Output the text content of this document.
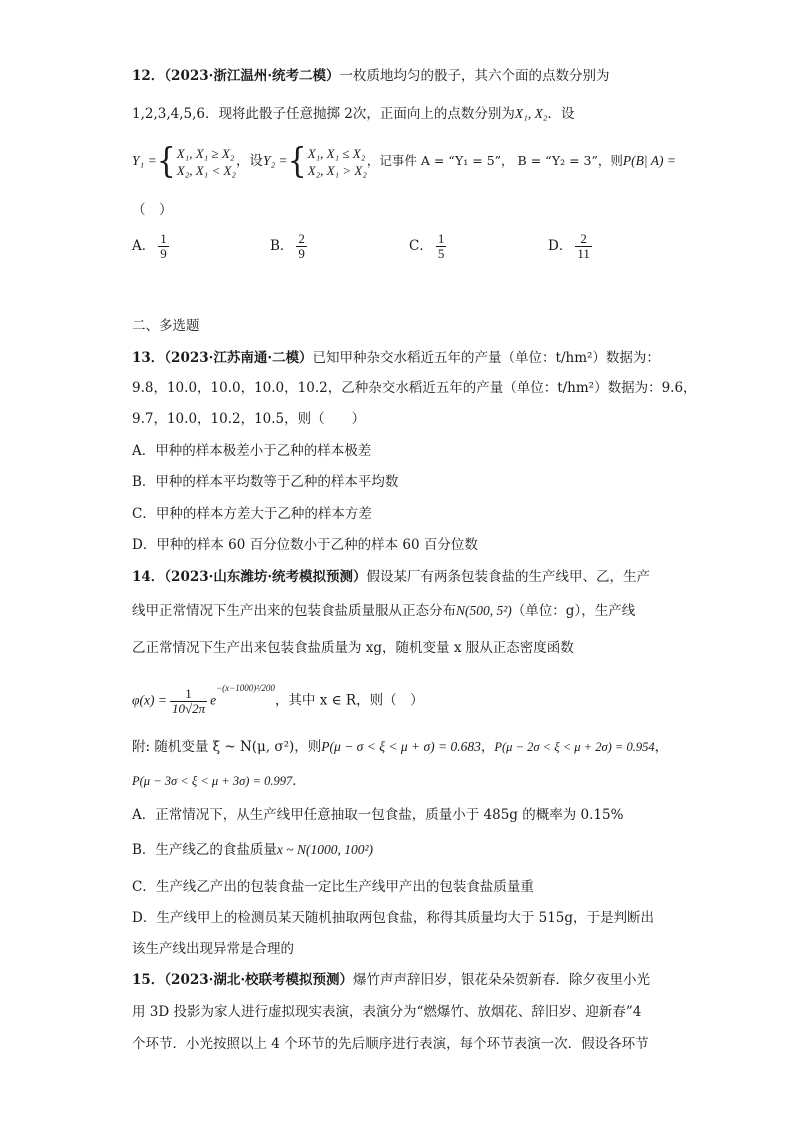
12．（2023·浙江温州·统考二模）一枚质地均匀的骰子，其六个面的点数分别为
1,2,3,4,5,6．现将此骰子任意抛掷 2次，正面向上的点数分别为X₁, X₂．设
Y₁ ={ X₁, X₁ ≥ X₂
X₂, X₁ < X₂
，设Y₂ ={ X₁, X₁ ≤ X₂
X₂, X₁ > X₂
，记事件 A = “Y₁ = 5”， B = “Y₂ = 3”，则P(B| A) =
（　）
A． $\frac{1}{9}$	B． $\frac{2}{9}$	C． $\frac{1}{5}$	D． $\frac{2}{11}$
二、多选题
13．（2023·江苏南通·二模）已知甲种杂交水稻近五年的产量（单位：t/hm²）数据为：
9.8，10.0，10.0，10.0，10.2，乙种杂交水稻近五年的产量（单位：t/hm²）数据为：9.6，
9.7，10.0，10.2，10.5，则（　　）
A．甲种的样本极差小于乙种的样本极差
B．甲种的样本平均数等于乙种的样本平均数
C．甲种的样本方差大于乙种的样本方差
D．甲种的样本 60 百分位数小于乙种的样本 60 百分位数
14．（2023·山东潍坊·统考模拟预测）假设某厂有两条包装食盐的生产线甲、乙，生产
线甲正常情况下生产出来的包装食盐质量服从正态分布N(500, 5²)（单位：g），生产线
乙正常情况下生产出来包装食盐质量为 xg，随机变量 x 服从正态密度函数
$\varphi(x) = \frac{1}{10√2\pi} e^{-(x-1000)^2/200}$，其中 x ∈ R，则（　）
附: 随机变量 ξ ~ N(μ, σ²)，则P(μ − σ < ξ < μ + σ) = 0.683，P(μ − 2σ < ξ < μ + 2σ) = 0.954，
P(μ − 3σ < ξ < μ + 3σ) = 0.997．
A．正常情况下，从生产线甲任意抽取一包食盐，质量小于 485g 的概率为 0.15%
B．生产线乙的食盐质量x ~ N(1000, 100²)
C．生产线乙产出的包装食盐一定比生产线甲产出的包装食盐质量重
D．生产线甲上的检测员某天随机抽取两包食盐，称得其质量均大于 515g，于是判断出
该生产线出现异常是合理的
15．（2023·湖北·校联考模拟预测）爆竹声声辞旧岁，银花朵朵贺新春．除夕夜里小光
用 3D 投影为家人进行虚拟现实表演，表演分为“燃爆竹、放烟花、辞旧岁、迎新春”4
个环节．小光按照以上 4 个环节的先后顺序进行表演，每个环节表演一次．假设各环节
